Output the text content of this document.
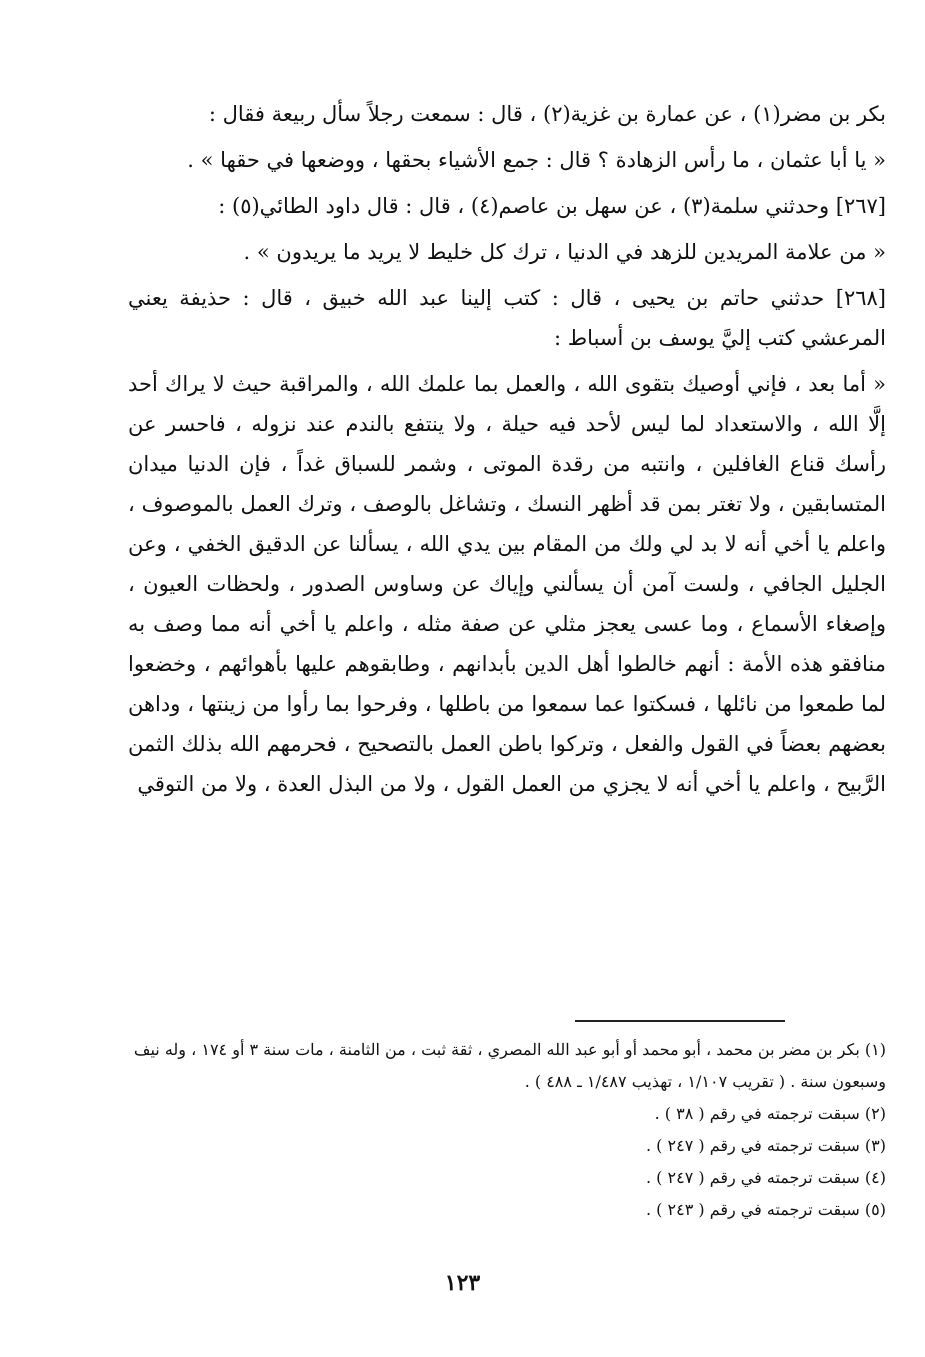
بكر بن مضر(١) ، عن عمارة بن غزية(٢) ، قال : سمعت رجلاً سأل ربيعة فقال :

« يا أبا عثمان ، ما رأس الزهادة ؟ قال : جمع الأشياء بحقها ، ووضعها في حقها » .

[٢٦٧] وحدثني سلمة(٣) ، عن سهل بن عاصم(٤) ، قال : قال داود الطائي(٥) :

« من علامة المريدين للزهد في الدنيا ، ترك كل خليط لا يريد ما يريدون » .

[٢٦٨] حدثني حاتم بن يحيى ، قال : كتب إلينا عبد الله خبيق ، قال : حذيفة يعني المرعشي كتب إليَّ يوسف بن أسباط :

« أما بعد ، فإني أوصيك بتقوى الله ، والعمل بما علمك الله ، والمراقبة حيث لا يراك أحد إلَّا الله ، والاستعداد لما ليس لأحد فيه حيلة ، ولا ينتفع بالندم عند نزوله ، فاحسر عن رأسك قناع الغافلين ، وانتبه من رقدة الموتى ، وشمر للسباق غداً ، فإن الدنيا ميدان المتسابقين ، ولا تغتر بمن قد أظهر النسك ، وتشاغل بالوصف ، وترك العمل بالموصوف ، واعلم يا أخي أنه لا بد لي ولك من المقام بين يدي الله ، يسألنا عن الدقيق الخفي ، وعن الجليل الجافي ، ولست آمن أن يسألني وإياك عن وساوس الصدور ، ولحظات العيون ، وإصغاء الأسماع ، وما عسى يعجز مثلي عن صفة مثله ، واعلم يا أخي أنه مما وصف به منافقو هذه الأمة : أنهم خالطوا أهل الدين بأبدانهم ، وطابقوهم عليها بأهوائهم ، وخضعوا لما طمعوا من نائلها ، فسكتوا عما سمعوا من باطلها ، وفرحوا بما رأوا من زينتها ، وداهن بعضهم بعضاً في القول والفعل ، وتركوا باطن العمل بالتصحيح ، فحرمهم الله بذلك الثمن الرَّبيح ، واعلم يا أخي أنه لا يجزي من العمل القول ، ولا من البذل العدة ، ولا من التوقي

(١) بكر بن مضر بن محمد ، أبو محمد أو أبو عبد الله المصري ، ثقة ثبت ، من الثامنة ، مات سنة ٣ أو ١٧٤ ، وله نيف وسبعون سنة . ( تقريب ١/١٠٧ ، تهذيب ١/٤٨٧ ـ ٤٨٨ ) .

(٢) سبقت ترجمته في رقم ( ٣٨ ) .

(٣) سبقت ترجمته في رقم ( ٢٤٧ ) .

(٤) سبقت ترجمته في رقم ( ٢٤٧ ) .

(٥) سبقت ترجمته في رقم ( ٢٤٣ ) .

١٢٣
